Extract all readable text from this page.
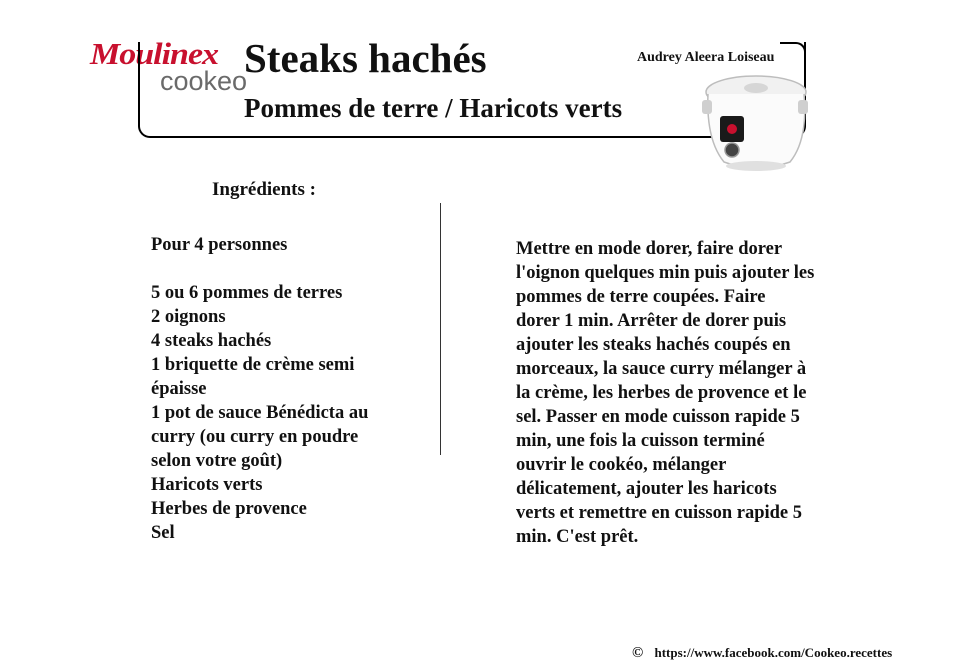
Moulinex
cookeo
Steaks hachés
Pommes de terre / Haricots verts
Audrey Aleera Loiseau
Ingrédients :
Pour 4 personnes
5 ou 6 pommes de terres
2 oignons
4 steaks hachés
1 briquette de crème semi
épaisse
1 pot de sauce Bénédicta au
curry (ou curry en poudre
selon votre goût)
Haricots verts
Herbes de provence
Sel
Mettre en mode dorer, faire dorer
l'oignon quelques min puis ajouter les
pommes de terre coupées. Faire
dorer 1 min. Arrêter de dorer puis
ajouter les steaks hachés coupés en
morceaux, la sauce curry mélanger à
la crème, les herbes de provence et le
sel. Passer en mode cuisson rapide 5
min, une fois la cuisson terminé
ouvrir le cookéo, mélanger
délicatement, ajouter les haricots
verts et remettre en cuisson rapide 5
min. C'est prêt.
© https://www.facebook.com/Cookeo.recettes
